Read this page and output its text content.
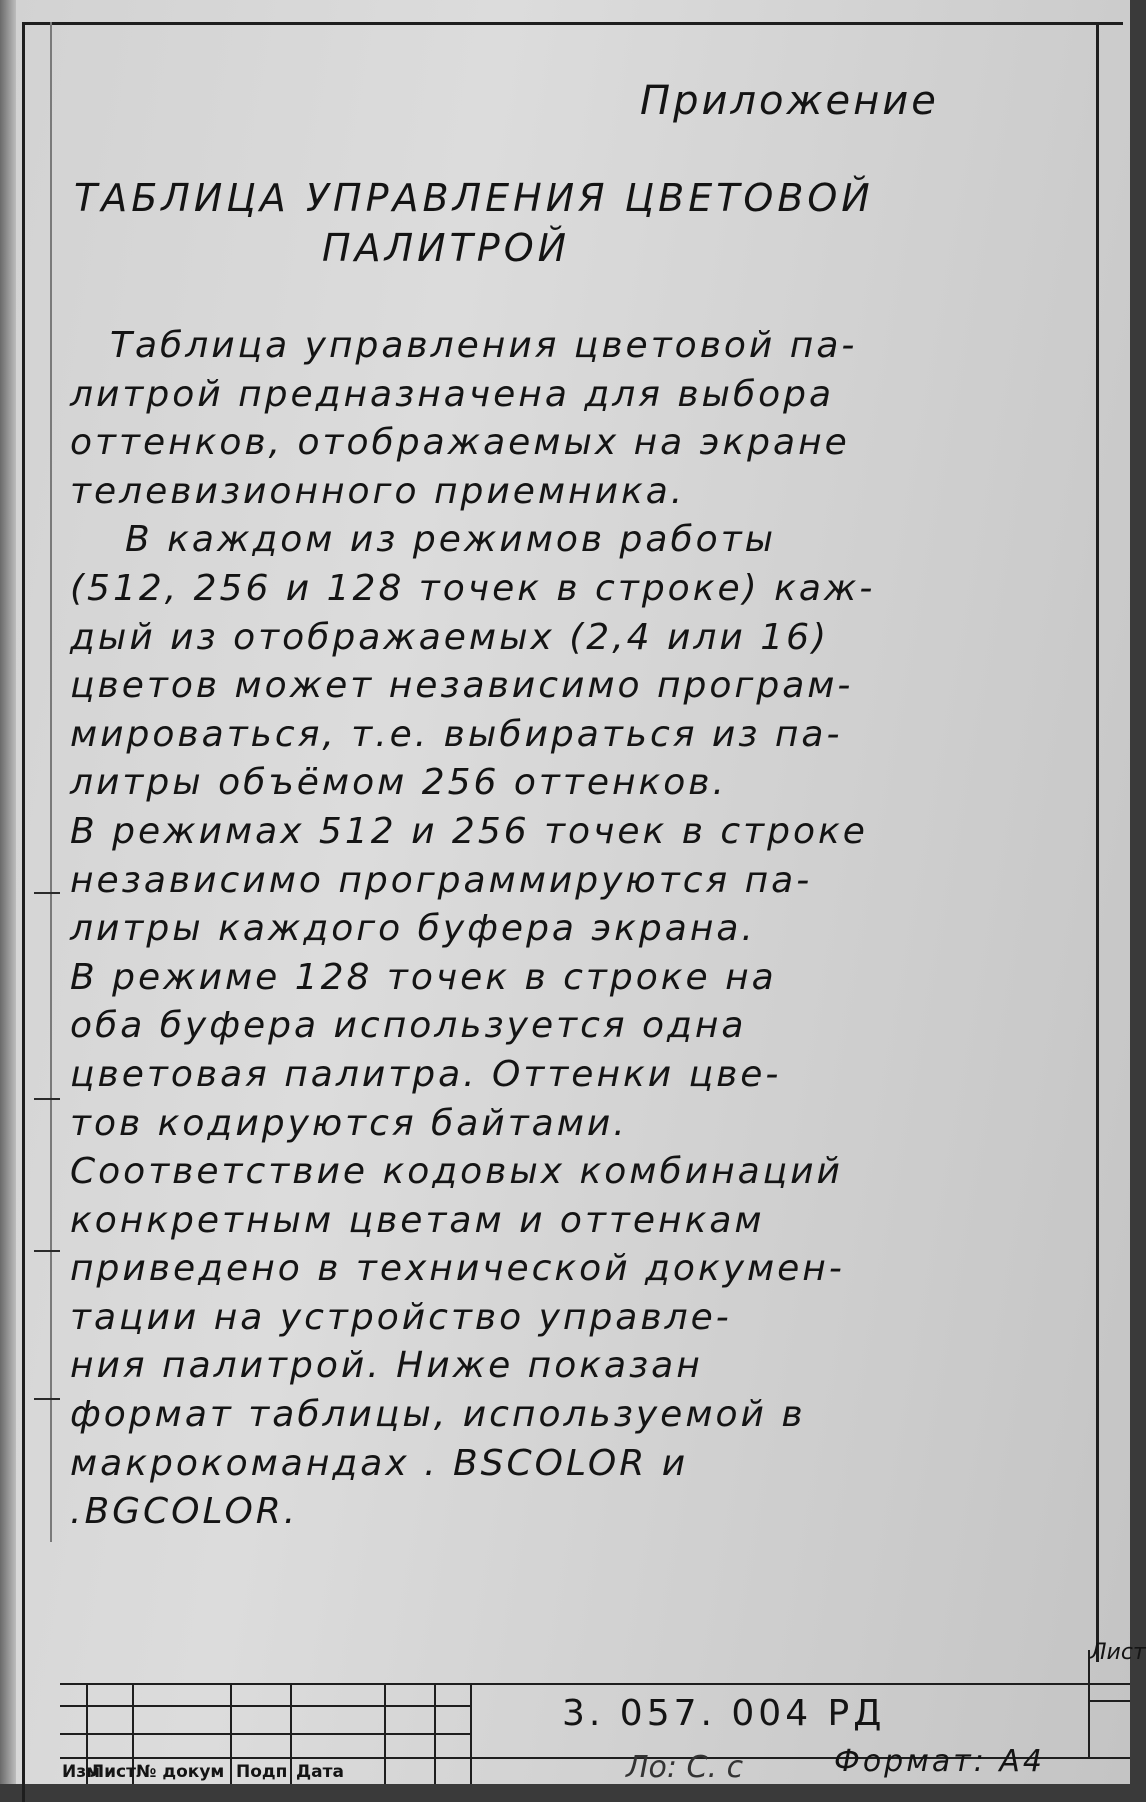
Приложение
ТАБЛИЦА УПРАВЛЕНИЯ ЦВЕТОВОЙ
ПАЛИТРОЙ
Таблица управления цветовой па-
литрой предназначена для выбора
оттенков, отображаемых на экране
телевизионного приемника.
В каждом из режимов работы
(512, 256 и 128 точек в строке) каж-
дый из отображаемых (2,4 или 16)
цветов может независимо програм-
мироваться, т.е. выбираться из па-
литры объёмом 256 оттенков.
В режимах 512 и 256 точек в строке
независимо программируются па-
литры каждого буфера экрана.
В режиме 128 точек в строке на
оба буфера используется одна
цветовая палитра. Оттенки цве-
тов кодируются байтами.
Соответствие кодовых комбинаций
конкретным цветам и оттенкам
приведено в технической докумен-
тации на устройство управле-
ния палитрой. Ниже показан
формат таблицы, используемой в
макрокомандах . BSCOLOR и
.BGCOLOR.
3. 057. 004 РД
Лист
Ло: С. с	Формат: А4
Изм
Лист № докум Подп Дата
